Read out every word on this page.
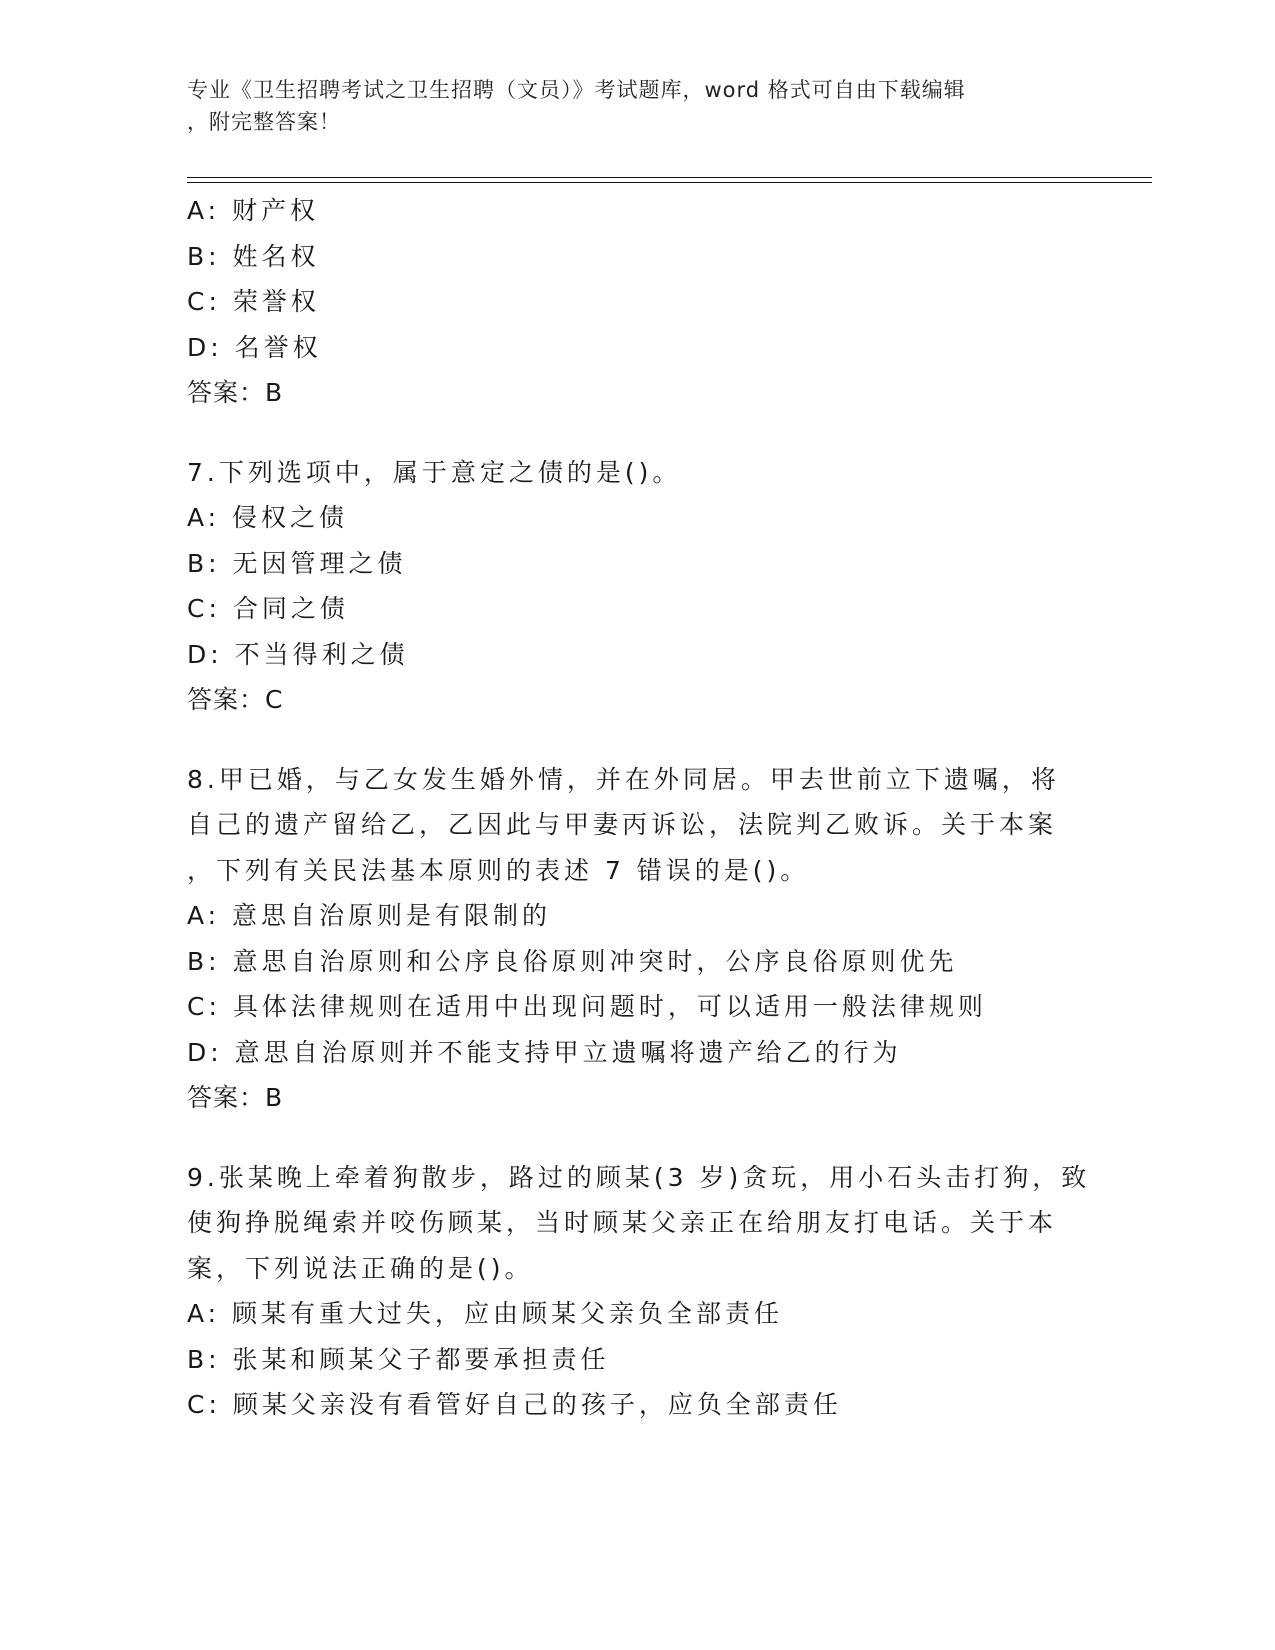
专业《卫生招聘考试之卫生招聘（文员）》考试题库，word 格式可自由下载编辑
，附完整答案！
A: 财产权
B: 姓名权
C: 荣誉权
D: 名誉权
答案：B
7.下列选项中，属于意定之债的是()。
A: 侵权之债
B: 无因管理之债
C: 合同之债
D: 不当得利之债
答案：C
8.甲已婚，与乙女发生婚外情，并在外同居。甲去世前立下遗嘱，将
自己的遗产留给乙，乙因此与甲妻丙诉讼，法院判乙败诉。关于本案
，下列有关民法基本原则的表述 7 错误的是()。
A: 意思自治原则是有限制的
B: 意思自治原则和公序良俗原则冲突时，公序良俗原则优先
C: 具体法律规则在适用中出现问题时，可以适用一般法律规则
D: 意思自治原则并不能支持甲立遗嘱将遗产给乙的行为
答案：B
9.张某晚上牵着狗散步，路过的顾某(3 岁)贪玩，用小石头击打狗，致
使狗挣脱绳索并咬伤顾某，当时顾某父亲正在给朋友打电话。关于本
案，下列说法正确的是()。
A: 顾某有重大过失，应由顾某父亲负全部责任
B: 张某和顾某父子都要承担责任
C: 顾某父亲没有看管好自己的孩子，应负全部责任
